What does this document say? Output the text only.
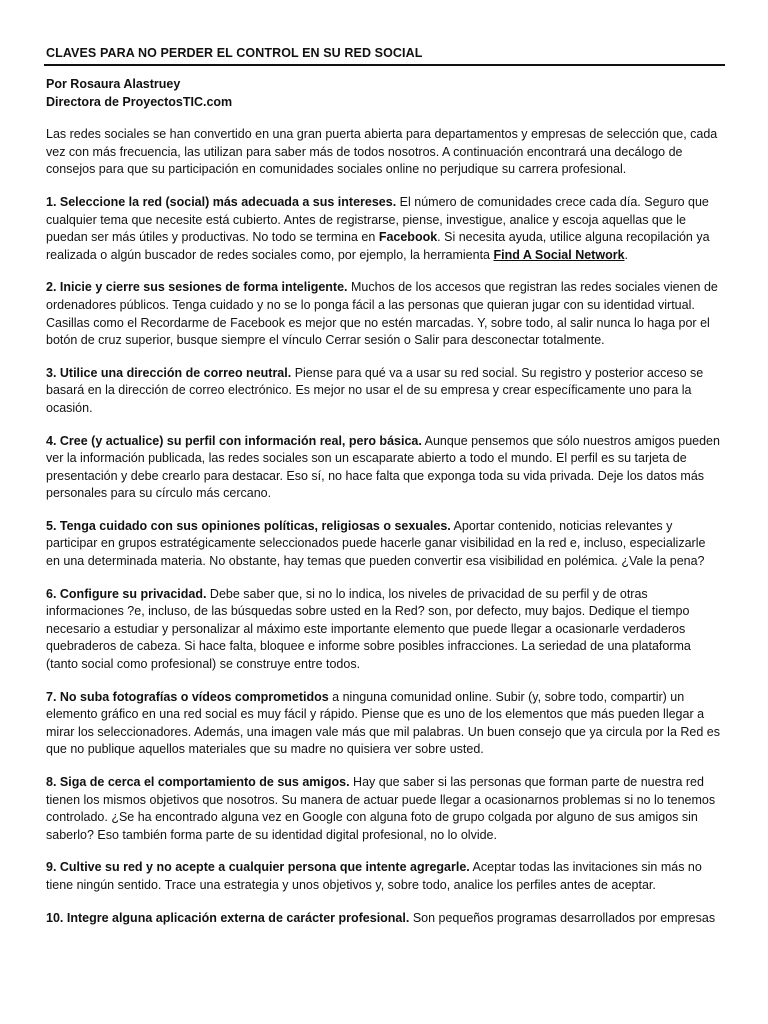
CLAVES PARA NO PERDER EL CONTROL EN SU RED SOCIAL
Por Rosaura Alastruey
Directora de ProyectosTIC.com

Las redes sociales se han convertido en una gran puerta abierta para departamentos y empresas de selección que, cada vez con más frecuencia, las utilizan para saber más de todos nosotros. A continuación encontrará una decálogo de consejos para que su participación en comunidades sociales online no perjudique su carrera profesional.

1. Seleccione la red (social) más adecuada a sus intereses. El número de comunidades crece cada día. Seguro que cualquier tema que necesite está cubierto. Antes de registrarse, piense, investigue, analice y escoja aquellas que le puedan ser más útiles y productivas. No todo se termina en Facebook. Si necesita ayuda, utilice alguna recopilación ya realizada o algún buscador de redes sociales como, por ejemplo, la herramienta Find A Social Network.

2. Inicie y cierre sus sesiones de forma inteligente. Muchos de los accesos que registran las redes sociales vienen de ordenadores públicos. Tenga cuidado y no se lo ponga fácil a las personas que quieran jugar con su identidad virtual. Casillas como el Recordarme de Facebook es mejor que no estén marcadas. Y, sobre todo, al salir nunca lo haga por el botón de cruz superior, busque siempre el vínculo Cerrar sesión o Salir para desconectar totalmente.

3. Utilice una dirección de correo neutral. Piense para qué va a usar su red social. Su registro y posterior acceso se basará en la dirección de correo electrónico. Es mejor no usar el de su empresa y crear específicamente uno para la ocasión.

4. Cree (y actualice) su perfil con información real, pero básica. Aunque pensemos que sólo nuestros amigos pueden ver la información publicada, las redes sociales son un escaparate abierto a todo el mundo. El perfil es su tarjeta de presentación y debe crearlo para destacar. Eso sí, no hace falta que exponga toda su vida privada. Deje los datos más personales para su círculo más cercano.

5. Tenga cuidado con sus opiniones políticas, religiosas o sexuales. Aportar contenido, noticias relevantes y participar en grupos estratégicamente seleccionados puede hacerle ganar visibilidad en la red e, incluso, especializarle en una determinada materia. No obstante, hay temas que pueden convertir esa visibilidad en polémica. ¿Vale la pena?

6. Configure su privacidad. Debe saber que, si no lo indica, los niveles de privacidad de su perfil y de otras informaciones ?e, incluso, de las búsquedas sobre usted en la Red? son, por defecto, muy bajos. Dedique el tiempo necesario a estudiar y personalizar al máximo este importante elemento que puede llegar a ocasionarle verdaderos quebraderos de cabeza. Si hace falta, bloquee e informe sobre posibles infracciones. La seriedad de una plataforma (tanto social como profesional) se construye entre todos.

7. No suba fotografías o vídeos comprometidos a ninguna comunidad online. Subir (y, sobre todo, compartir) un elemento gráfico en una red social es muy fácil y rápido. Piense que es uno de los elementos que más pueden llegar a mirar los seleccionadores. Además, una imagen vale más que mil palabras. Un buen consejo que ya circula por la Red es que no publique aquellos materiales que su madre no quisiera ver sobre usted.

8. Siga de cerca el comportamiento de sus amigos. Hay que saber si las personas que forman parte de nuestra red tienen los mismos objetivos que nosotros. Su manera de actuar puede llegar a ocasionarnos problemas si no lo tenemos controlado. ¿Se ha encontrado alguna vez en Google con alguna foto de grupo colgada por alguno de sus amigos sin saberlo? Eso también forma parte de su identidad digital profesional, no lo olvide.

9. Cultive su red y no acepte a cualquier persona que intente agregarle. Aceptar todas las invitaciones sin más no tiene ningún sentido. Trace una estrategia y unos objetivos y, sobre todo, analice los perfiles antes de aceptar.

10. Integre alguna aplicación externa de carácter profesional. Son pequeños programas desarrollados por empresas
